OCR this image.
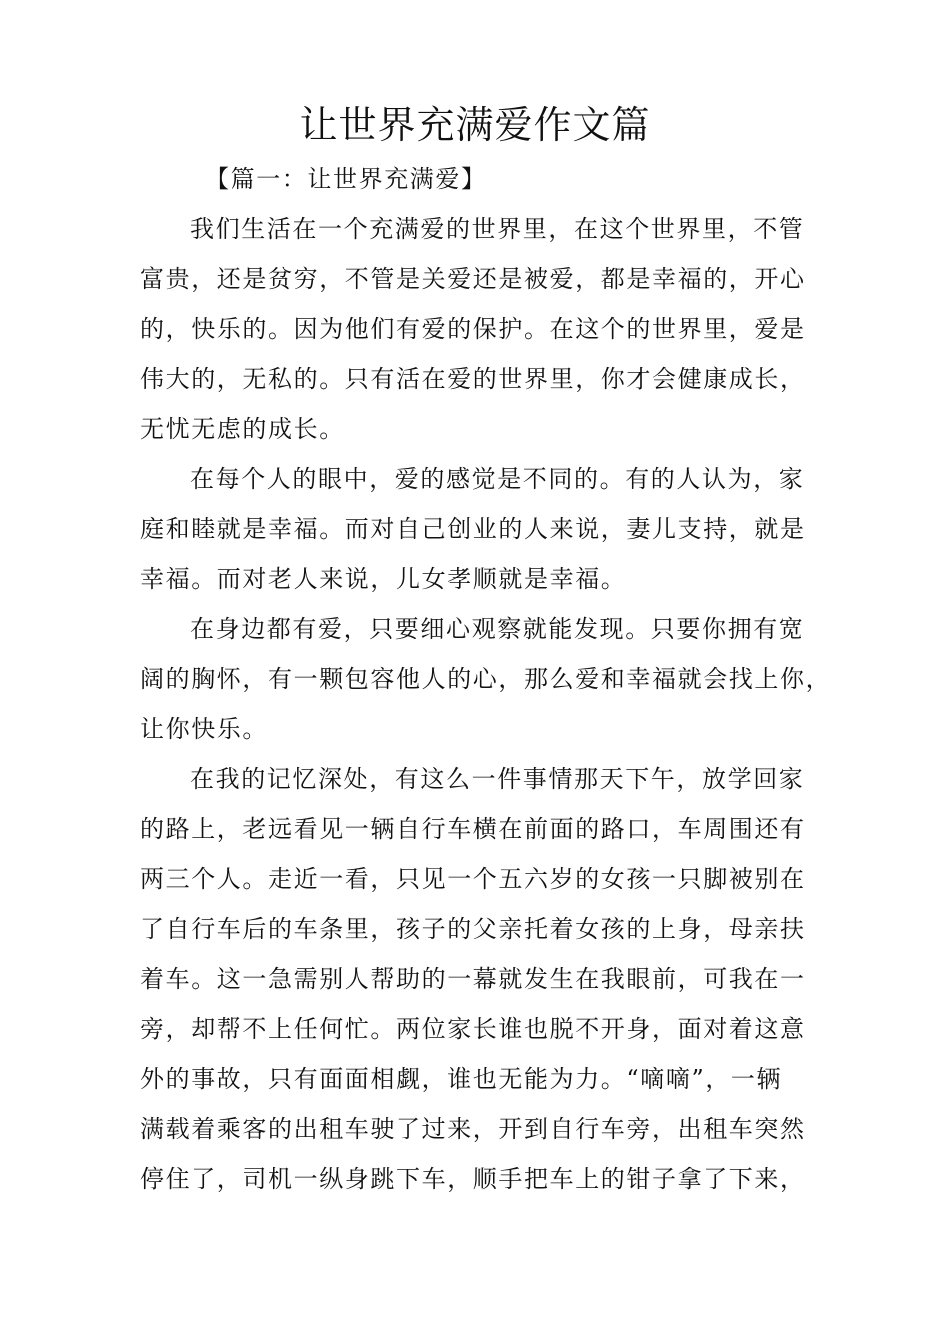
让世界充满爱作文篇
【篇一：让世界充满爱】
我们生活在一个充满爱的世界里，在这个世界里，不管
富贵，还是贫穷，不管是关爱还是被爱，都是幸福的，开心
的，快乐的。因为他们有爱的保护。在这个的世界里，爱是
伟大的，无私的。只有活在爱的世界里，你才会健康成长，
无忧无虑的成长。
在每个人的眼中，爱的感觉是不同的。有的人认为，家
庭和睦就是幸福。而对自己创业的人来说，妻儿支持，就是
幸福。而对老人来说，儿女孝顺就是幸福。
在身边都有爱，只要细心观察就能发现。只要你拥有宽
阔的胸怀，有一颗包容他人的心，那么爱和幸福就会找上你，
让你快乐。
在我的记忆深处，有这么一件事情那天下午，放学回家
的路上，老远看见一辆自行车横在前面的路口，车周围还有
两三个人。走近一看，只见一个五六岁的女孩一只脚被别在
了自行车后的车条里，孩子的父亲托着女孩的上身，母亲扶
着车。这一急需别人帮助的一幕就发生在我眼前，可我在一
旁，却帮不上任何忙。两位家长谁也脱不开身，面对着这意
外的事故，只有面面相觑，谁也无能为力。“嘀嘀”，一辆
满载着乘客的出租车驶了过来，开到自行车旁，出租车突然
停住了，司机一纵身跳下车，顺手把车上的钳子拿了下来，
